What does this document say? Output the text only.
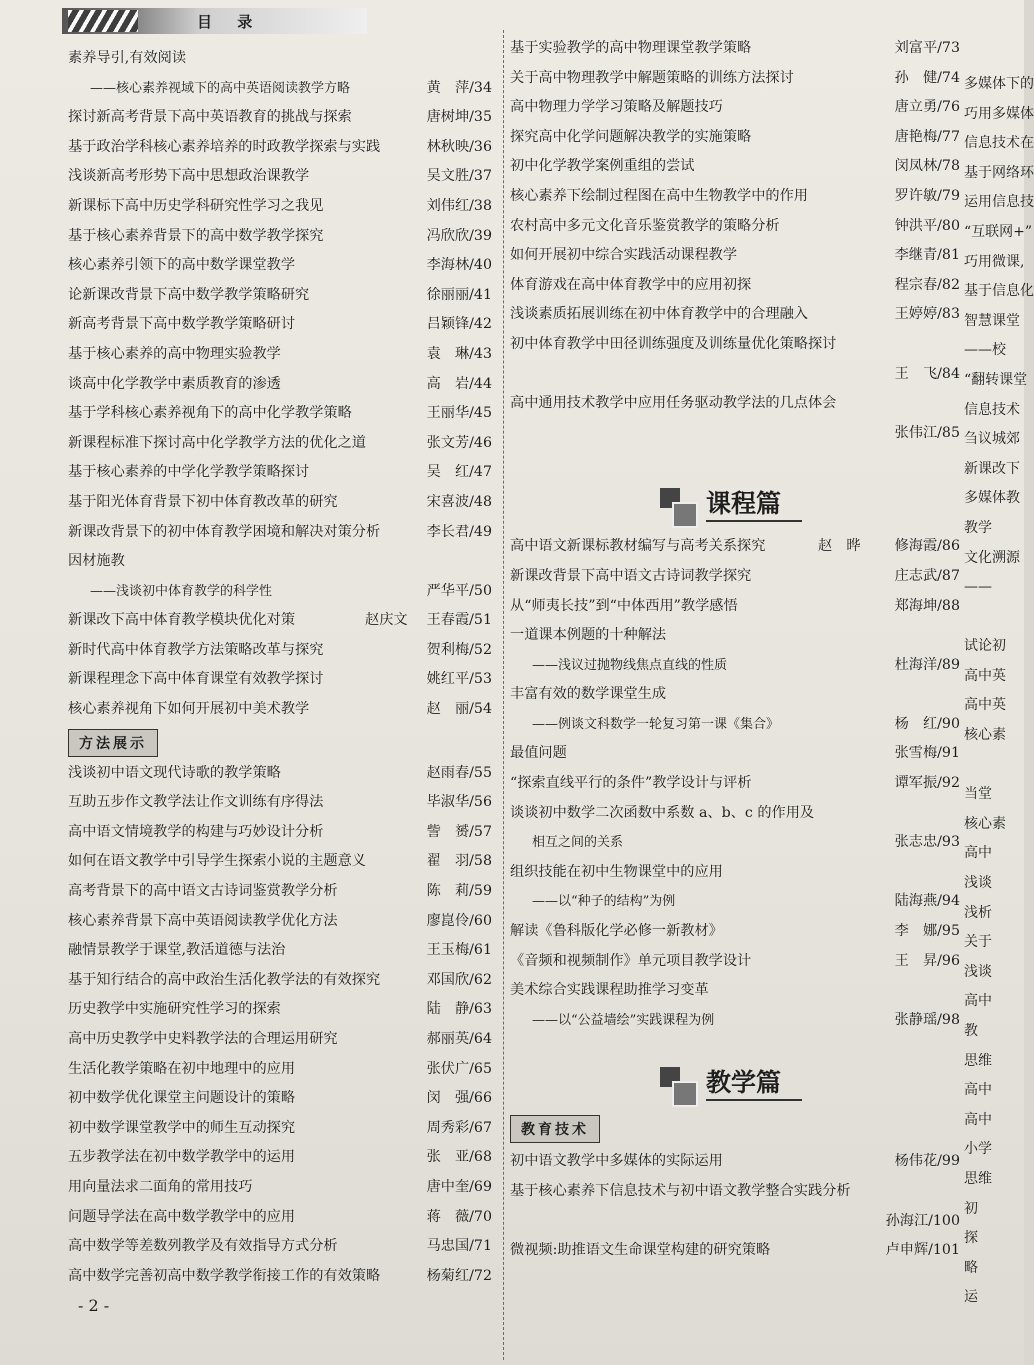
目 录
素养导引,有效阅读
——核心素养视域下的高中英语阅读教学方略	黄　萍/34
探讨新高考背景下高中英语教育的挑战与探索	唐树坤/35
基于政治学科核心素养培养的时政教学探索与实践	林秋映/36
浅谈新高考形势下高中思想政治课教学	吴文胜/37
新课标下高中历史学科研究性学习之我见	刘伟红/38
基于核心素养背景下的高中数学教学探究	冯欣欣/39
核心素养引领下的高中数学课堂教学	李海林/40
论新课改背景下高中数学教学策略研究	徐丽丽/41
新高考背景下高中数学教学策略研讨	吕颖锋/42
基于核心素养的高中物理实验教学	袁　琳/43
谈高中化学教学中素质教育的渗透	高　岩/44
基于学科核心素养视角下的高中化学教学策略	王丽华/45
新课程标准下探讨高中化学教学方法的优化之道	张文芳/46
基于核心素养的中学化学教学策略探讨	吴　红/47
基于阳光体育背景下初中体育教改革的研究	宋喜波/48
新课改背景下的初中体育教学困境和解决对策分析	李长君/49
因材施教
——浅谈初中体育教学的科学性	严华平/50
新课改下高中体育教学模块优化对策	赵庆文 王春霞/51
新时代高中体育教学方法策略改革与探究	贺利梅/52
新课程理念下高中体育课堂有效教学探讨	姚红平/53
核心素养视角下如何开展初中美术教学	赵　丽/54
方法展示
浅谈初中语文现代诗歌的教学策略	赵雨春/55
互助五步作文教学法让作文训练有序得法	毕淑华/56
高中语文情境教学的构建与巧妙设计分析	訾　赟/57
如何在语文教学中引导学生探索小说的主题意义	翟　羽/58
高考背景下的高中语文古诗词鉴赏教学分析	陈　莉/59
核心素养背景下高中英语阅读教学优化方法	廖崑伶/60
融情景教学于课堂,教活道德与法治	王玉梅/61
基于知行结合的高中政治生活化教学法的有效探究	邓国欣/62
历史教学中实施研究性学习的探索	陆　静/63
高中历史教学中史料教学法的合理运用研究	郝丽英/64
生活化教学策略在初中地理中的应用	张伏广/65
初中数学优化课堂主问题设计的策略	闵　强/66
初中数学课堂教学中的师生互动探究	周秀彩/67
五步教学法在初中数学教学中的运用	张　亚/68
用向量法求二面角的常用技巧	唐中奎/69
问题导学法在高中数学教学中的应用	蒋　薇/70
高中数学等差数列教学及有效指导方式分析	马忠国/71
高中数学完善初高中数学教学衔接工作的有效策略	杨菊红/72
基于实验教学的高中物理课堂教学策略	刘富平/73
关于高中物理教学中解题策略的训练方法探讨	孙　健/74
高中物理力学学习策略及解题技巧	唐立勇/76
探究高中化学问题解决教学的实施策略	唐艳梅/77
初中化学教学案例重组的尝试	闵凤林/78
核心素养下绘制过程图在高中生物教学中的作用	罗许敏/79
农村高中多元文化音乐鉴赏教学的策略分析	钟洪平/80
如何开展初中综合实践活动课程教学	李继青/81
体育游戏在高中体育教学中的应用初探	程宗春/82
浅谈素质拓展训练在初中体育教学中的合理融入	王婷婷/83
初中体育教学中田径训练强度及训练量优化策略探讨
王　飞/84
高中通用技术教学中应用任务驱动教学法的几点体会
张伟江/85
课程篇
高中语文新课标教材编写与高考关系探究	赵　晔 修海霞/86
新课改背景下高中语文古诗词教学探究	庄志武/87
从“师夷长技”到“中体西用”教学感悟	郑海坤/88
一道课本例题的十种解法
——浅议过抛物线焦点直线的性质	杜海洋/89
丰富有效的数学课堂生成
——例谈文科数学一轮复习第一课《集合》	杨　红/90
最值问题	张雪梅/91
“探索直线平行的条件”教学设计与评析	谭军振/92
谈谈初中数学二次函数中系数 a、b、c 的作用及
相互之间的关系	张志忠/93
组织技能在初中生物课堂中的应用
——以“种子的结构”为例	陆海燕/94
解读《鲁科版化学必修一新教材》	李　娜/95
《音频和视频制作》单元项目教学设计	王　昇/96
美术综合实践课程助推学习变革
——以“公益墙绘”实践课程为例	张静瑶/98
教学篇
教育技术
初中语文教学中多媒体的实际运用	杨伟花/99
基于核心素养下信息技术与初中语文教学整合实践分析
孙海江/100
微视频:助推语文生命课堂构建的研究策略	卢申辉/101
多媒体下的
巧用多媒体
信息技术在
基于网络环
运用信息技
“互联网+”
巧用微课,
基于信息化
智慧课堂
——校
“翻转课堂
信息技术
刍议城郊
新课改下
多媒体教
教学
文化溯源
——
试论初
高中英
高中英
核心素
当堂
核心素
高中
浅谈
浅析
关于
浅谈
高中
教
思维
高中
高中
小学
思维
初
探
略
运
- 2 -
